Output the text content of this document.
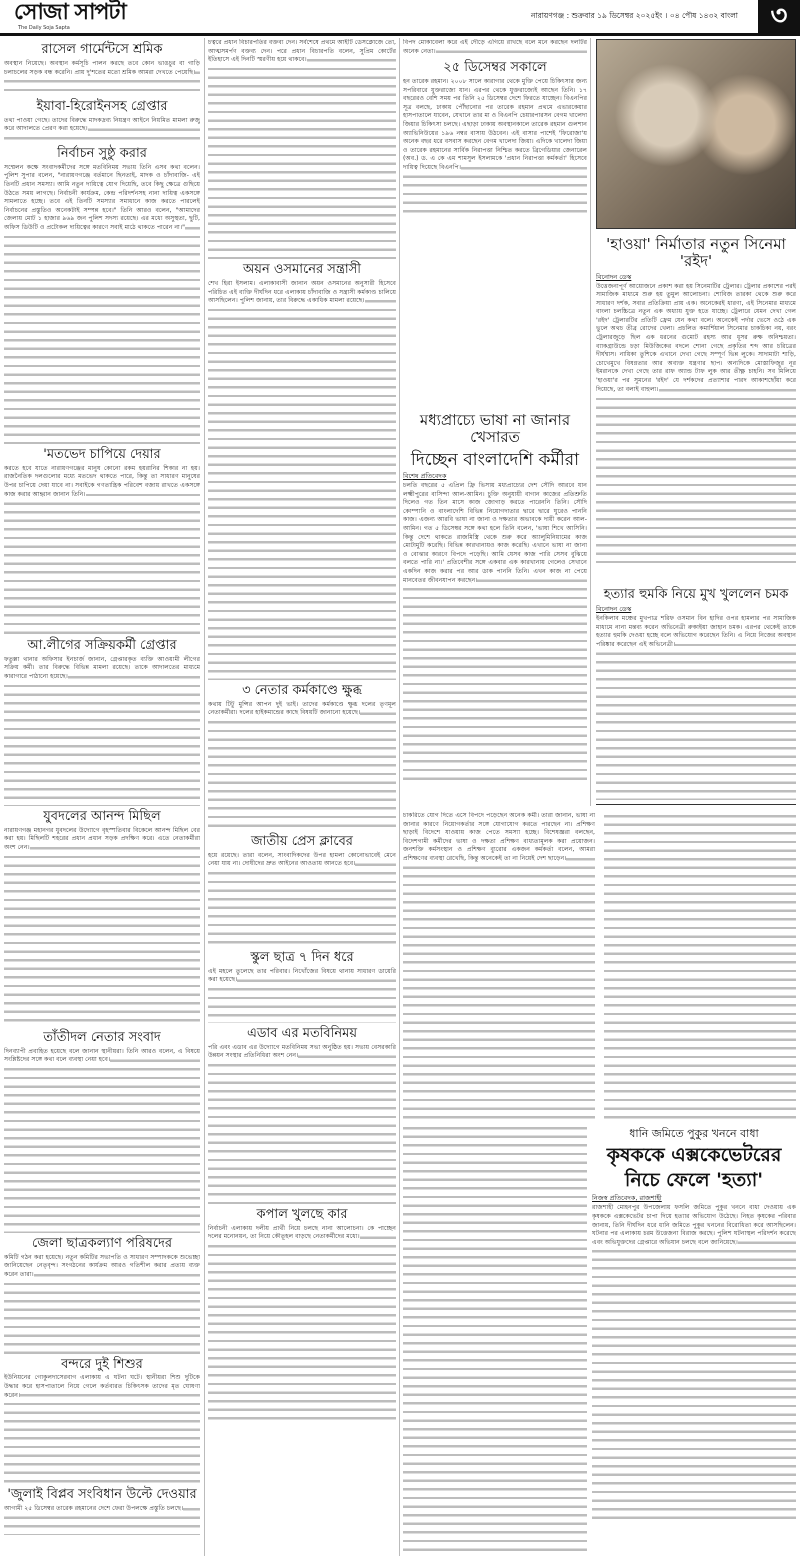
সোজা সাপটা
The Daily Soja Sapta
নারায়ণগঞ্জ : শুক্রবার ১৯ ডিসেম্বর ২০২৫ইং । ০৪ পৌষ ১৪৩২ বাংলা	৩
রাসেল গার্মেন্টসে শ্রমিক
অবস্থান নিয়েছে। অবস্থান কর্মসূচি পালন করছে তবে কোন ভাঙচুর বা গাড়ি চলাচলের সড়ক বন্ধ করেনি। প্রায় দু'শতের মতো শ্রমিক আমরা দেখতে পেয়েছি।
ইয়াবা-হিরোইনসহ গ্রেপ্তার
তথ্য পাওয়া গেছে। তাদের বিরুদ্ধে মাদকদ্রব্য নিয়ন্ত্রণ আইনে নিয়মিত মামলা রুজু করে আদালতে প্রেরণ করা হয়েছে।
নির্বাচন সুষ্ঠু করার
সম্মেলন কক্ষে সংবাদকর্মীদের সঙ্গে মতবিনিময় সভায় তিনি এসব কথা বলেন। পুলিশ সুপার বলেন, "নারায়ণগঞ্জে বর্তমানে ছিনতাই, মাদক ও চাঁদাবাজি- এই তিনটি প্রধান সমস্যা। আমি নতুন দায়িত্বে যোগ দিয়েছি, তবে কিছু ক্ষেত্রে গুছিয়ে উঠতে সময় লাগছে। নির্বাচনী কার্যক্রম, কেন্দ্র পরিদর্শনসহ নানা দায়িত্ব একসঙ্গে সামলাতে হচ্ছে। তবে এই তিনটি সমস্যার সমাধানে কাজ করতে পারলেই নির্বাচনের প্রস্তুতিও অনেকটাই সম্পন্ন হবে।" তিনি আরও বলেন, "আমাদের জেলায় মোট ১ হাজার ৯৬৯ জন পুলিশ সদস্য রয়েছে। এর মধ্যে অসুস্থতা, ছুটি, অফিস ডিউটি ও প্রটোকল দায়িত্বের কারণে সবাই মাঠে থাকতে পারেন না।"
'মতভেদ চাপিয়ে দেয়ার
করতে হবে যাতে নারায়ণগঞ্জের মানুষ কোনো রকম হয়রানির শিকার না হয়। রাজনৈতিক দলগুলোর মধ্যে মতভেদ থাকতে পারে, কিন্তু তা সাধারণ মানুষের উপর চাপিয়ে দেয়া যাবে না। সবাইকে গণতান্ত্রিক পরিবেশ বজায় রাখতে একসঙ্গে কাজ করার আহ্বান জানান তিনি।
আ.লীগের সক্রিয়কর্মী গ্রেপ্তার
ফতুল্লা থানার অফিসার ইনচার্জ জানান, গ্রেপ্তারকৃত ব্যক্তি আওয়ামী লীগের সক্রিয় কর্মী। তার বিরুদ্ধে বিভিন্ন মামলা রয়েছে। তাকে আদালতের মাধ্যমে কারাগারে পাঠানো হয়েছে।
যুবদলের আনন্দ মিছিল
নারায়ণগঞ্জ মহানগর যুবদলের উদ্যোগে বৃহস্পতিবার বিকেলে আনন্দ মিছিল বের করা হয়। মিছিলটি শহরের প্রধান প্রধান সড়ক প্রদক্ষিণ করে। এতে নেতাকর্মীরা অংশ নেন।
তাঁতীদল নেতার সংবাদ
দিনব্যাপী প্রবাহিত হয়েছে বলে জানান স্থানীয়রা। তিনি আরও বলেন, এ বিষয়ে সংশ্লিষ্টদের সঙ্গে কথা বলে ব্যবস্থা নেয়া হবে।
জেলা ছাত্রকল্যাণ পরিষদের
কমিটি গঠন করা হয়েছে। নতুন কমিটির সভাপতি ও সাধারণ সম্পাদককে শুভেচ্ছা জানিয়েছেন নেতৃবৃন্দ। সংগঠনের কার্যক্রম আরও গতিশীল করার প্রত্যয় ব্যক্ত করেন তারা।
বন্দরে দুই শিশুর
ইউনিয়নের গোকুলদাসেরবাগ এলাকায় এ ঘটনা ঘটে। স্থানীয়রা শিশু দুটিকে উদ্ধার করে হাসপাতালে নিয়ে গেলে কর্তব্যরত চিকিৎসক তাদের মৃত ঘোষণা করেন।
'জুলাই বিপ্লব সংবিধান উল্টে দেওয়ার
আগামী ২৫ ডিসেম্বর তারেক রহমানের দেশে ফেরা উপলক্ষে প্রস্তুতি চলছে।
চত্বরে প্রধান বিচারপতির বক্তব্য দেন। সর্বশেষে প্রথমে আইটি ডেসক্লোজে তো, আত্মসমর্পণ বক্তব্য দেন। পরে প্রধান বিচারপতি বলেন, সুপ্রিম কোর্টের ইতিহাসে এই দিনটি স্মরণীয় হয়ে থাকবে।
অয়ন ওসমানের সন্ত্রাসী
শেখ হিরা ইসলাম। এলাকাবাসী জানান অয়ন ওসমানের অনুসারী হিসেবে পরিচিত এই ব্যক্তি দীর্ঘদিন ধরে এলাকায় চাঁদাবাজি ও সন্ত্রাসী কর্মকাণ্ড চালিয়ে আসছিলেন। পুলিশ জানায়, তার বিরুদ্ধে একাধিক মামলা রয়েছে।
৩ নেতার কর্মকাণ্ডে ক্ষুব্ধ
কথায় টিটু মুন্সির আপন দুই ভাই। তাদের কর্মকাণ্ডে ক্ষুব্ধ দলের তৃণমূল নেতাকর্মীরা। দলের হাইকমান্ডের কাছে বিষয়টি জানানো হয়েছে।
জাতীয় প্রেস ক্লাবের
হয়ে রয়েছে। তারা বলেন, সাংবাদিকদের উপর হামলা কোনোভাবেই মেনে নেয়া যায় না। দোষীদের দ্রুত আইনের আওতায় আনতে হবে।
স্কুল ছাত্র ৭ দিন ধরে
এই মহলে তুলেছে তার পরিবার। নিখোঁজের বিষয়ে থানায় সাধারণ ডায়েরি করা হয়েছে।
এডাব এর মতবিনিময়
পরি এবং এডাব এর উদ্যোগে মতবিনিময় সভা অনুষ্ঠিত হয়। সভায় বেসরকারি উন্নয়ন সংস্থার প্রতিনিধিরা অংশ নেন।
কপাল খুলছে কার
নির্বাচনী এলাকায় দলীয় প্রার্থী নিয়ে চলছে নানা আলোচনা। কে পাচ্ছেন দলের মনোনয়ন, তা নিয়ে কৌতূহল বাড়ছে নেতাকর্মীদের মধ্যে।
বিপদ মোকাবেলা করে এই দৌড়ে এগিয়ে রাখছে বলে মনে করছেন দলটির অনেক নেতা।
২৫ ডিসেম্বর সকালে
হন তারেক রহমান। ২০০৮ সালে কারাগার থেকে মুক্তি পেয়ে চিকিৎসার জন্য সপরিবারে যুক্তরাজ্যে যান। এরপর থেকে যুক্তরাজ্যেই আছেন তিনি। ১৭ বছরেরও বেশি সময় পর তিনি ২৫ ডিসেম্বর দেশে ফিরতে যাচ্ছেন। বিএনপির সূত্র বলছে, ঢাকায় পৌঁছানোর পর তারেক রহমান প্রথমে এভারকেয়ার হাসপাতালে যাবেন, যেখানে তার মা ও বিএনপি চেয়ারপারসন বেগম খালেদা জিয়ার চিকিৎসা চলছে। এছাড়া ঢাকায় অবস্থানকালে তারেক রহমান গুলশান অ্যাভিনিউয়ের ১৯৬ নম্বর বাসায় উঠবেন। এই বাসার পাশেই 'ফিরোজা'য় অনেক বছর ধরে বসবাস করছেন বেগম খালেদা জিয়া। এদিকে খালেদা জিয়া ও তারেক রহমানের সার্বিক নিরাপত্তা নিশ্চিত করতে ব্রিগেডিয়ার জেনারেল (অব.) ড. এ কে এম শামসুল ইসলামকে 'প্রধান নিরাপত্তা কর্মকর্তা' হিসেবে দায়িত্ব দিয়েছে বিএনপি।
মধ্যপ্রাচ্যে ভাষা না জানার খেসারত
দিচ্ছেন বাংলাদেশি কর্মীরা
বিশেষ প্রতিবেদক
চলতি বছরের ৫ এপ্রিল ফ্রি ভিসায় মধ্যপ্রাচ্যের দেশ সৌদি আরবে যান লক্ষ্মীপুরের বাসিন্দা আল-আমিন। চুক্তি অনুযায়ী বাগান কাজের প্রতিশ্রুতি দিলেও গত তিন মাসে কাজ জোগাড় করতে পারেননি তিনি। সৌদি কোম্পানি ও বাংলাদেশি বিভিন্ন নিয়োগদাতার দ্বারে দ্বারে ঘুরেও পাননি কাজ। এজন্য আরবি ভাষা না জানা ও দক্ষতার অভাবকে দায়ী করেন আল-আমিন। গত ৫ ডিসেম্বর সঙ্গে কথা হলে তিনি বলেন, 'ভাষা শিখে আসিনি। কিন্তু দেশে থাকতে রাজমিস্ত্রি থেকে শুরু করে অ্যালুমিনিয়ামের কাজ মোটামুটি করেছি। বিভিন্ন কারখানায়ও কাজ করেছি। এখানে ভাষা না জানা ও বোঝার কারণে বিপদে পড়েছি। আমি যেসব কাজ পারি সেসব বুঝিয়ে বলতে পারি না।' প্রতিবেশীর সঙ্গে একবার এক কারখানায় গেলেও সেখানে একদিন কাজ করার পর আর ডাক পাননি তিনি। এখন কাজ না পেয়ে মানবেতর জীবনযাপন করছেন।
'হাওয়া' নির্মাতার নতুন সিনেমা 'রইদ'
বিনোদন ডেস্ক
উত্তেজনাপূর্ণ আয়োজনে প্রকাশ করা হয় সিনেমাটির ট্রেলার। ট্রেলার প্রকাশের পরই সামাজিক মাধ্যমে শুরু হয় তুমুল আলোচনা। শোবিজ তারকা থেকে শুরু করে সাধারণ দর্শক, সবার প্রতিক্রিয়া প্রায় এক। অনেকেরই ধারণা, এই সিনেমার মাধ্যমে বাংলা চলচ্চিত্রে নতুন এক অধ্যায় যুক্ত হতে যাচ্ছে। ট্রেলারে যেমন দেখা গেল 'রইদ' ট্রেলারটির প্রতিটি ফ্রেম যেন কথা বলে। অনেকেই পর্দার ভেসে ওঠে এক ভুলে অথচ তীব্র রোদের খেলা। প্রচলিত কমার্শিয়াল সিনেমার চাকচিক্য নয়, বরং ট্রেলারজুড়ে ছিল এক ধরনের গুমোট রহস্য আর ধূসর রুক্ষ অনিশ্চয়তা। ব্যাকগ্রাউন্ডে চড়া মিউজিকের বদলে শোনা গেছে প্রকৃতির শব্দ আর চরিত্রের দীর্ঘশ্বাস। নায়িকা তুশিকে এখানে দেখা গেছে সম্পূর্ণ ভিন্ন লুকে। সাদামাটা শাড়ি, চোখেমুখে বিষণ্ণতার আর অব্যক্ত যন্ত্রণার ছাপ। অন্যদিকে মোস্তাফিজুর নূর ইমরানকে দেখা গেছে তার রাফ অ্যান্ড টাফ লুক আর তীক্ষ্ণ চাহনি। সব মিলিয়ে 'হাওয়া'র পর সুমনের 'রইদ' যে দর্শকদের প্রত্যাশার পারদ আকাশছোঁয়া করে দিয়েছে, তা বলাই বাহুল্য।
হত্যার হুমকি নিয়ে মুখ খুললেন চমক
বিনোদন ডেস্ক
ইনকিলাব মঞ্চের মুখপাত্র শরিফ ওসমান বিন হাদির ওপর হামলার পর সামাজিক মাধ্যমে নানা মন্তব্য করেন অভিনেত্রী রুকাইয়া জাহান চমক। এরপর থেকেই তাকে হত্যার হুমকি দেওয়া হচ্ছে বলে অভিযোগ করেছেন তিনি। এ নিয়ে নিজের অবস্থান পরিষ্কার করেছেন এই অভিনেত্রী।
চাকরিতে যোগ দিতে এসে বিপদে পড়েছেন অনেক কর্মী। তারা জানান, ভাষা না জানার কারণে নিয়োগকর্তার সঙ্গে যোগাযোগ করতে পারছেন না। প্রশিক্ষণ ছাড়াই বিদেশে যাওয়ায় কাজ পেতে সমস্যা হচ্ছে। বিশেষজ্ঞরা বলছেন, বিদেশগামী কর্মীদের ভাষা ও দক্ষতা প্রশিক্ষণ বাধ্যতামূলক করা প্রয়োজন। জনশক্তি কর্মসংস্থান ও প্রশিক্ষণ ব্যুরোর একজন কর্মকর্তা বলেন, আমরা প্রশিক্ষণের ব্যবস্থা রেখেছি, কিন্তু অনেকেই তা না নিয়েই দেশ ছাড়েন।
ধানি জমিতে পুকুর খননে বাধা
কৃষককে এক্সকেভেটরের
নিচে ফেলে 'হত্যা'
নিজস্ব প্রতিবেদক, রাজশাহী
রাজশাহী মোহনপুর উপজেলায় ফসলি জমিতে পুকুর খননে বাধা দেওয়ায় এক কৃষককে এক্সকেভেটর চাপা দিয়ে হত্যার অভিযোগ উঠেছে। নিহত কৃষকের পরিবার জানায়, তিনি দীর্ঘদিন ধরে ধানি জমিতে পুকুর খননের বিরোধিতা করে আসছিলেন। ঘটনার পর এলাকায় চরম উত্তেজনা বিরাজ করছে। পুলিশ ঘটনাস্থল পরিদর্শন করেছে এবং অভিযুক্তদের গ্রেপ্তারে অভিযান চলছে বলে জানিয়েছে।
